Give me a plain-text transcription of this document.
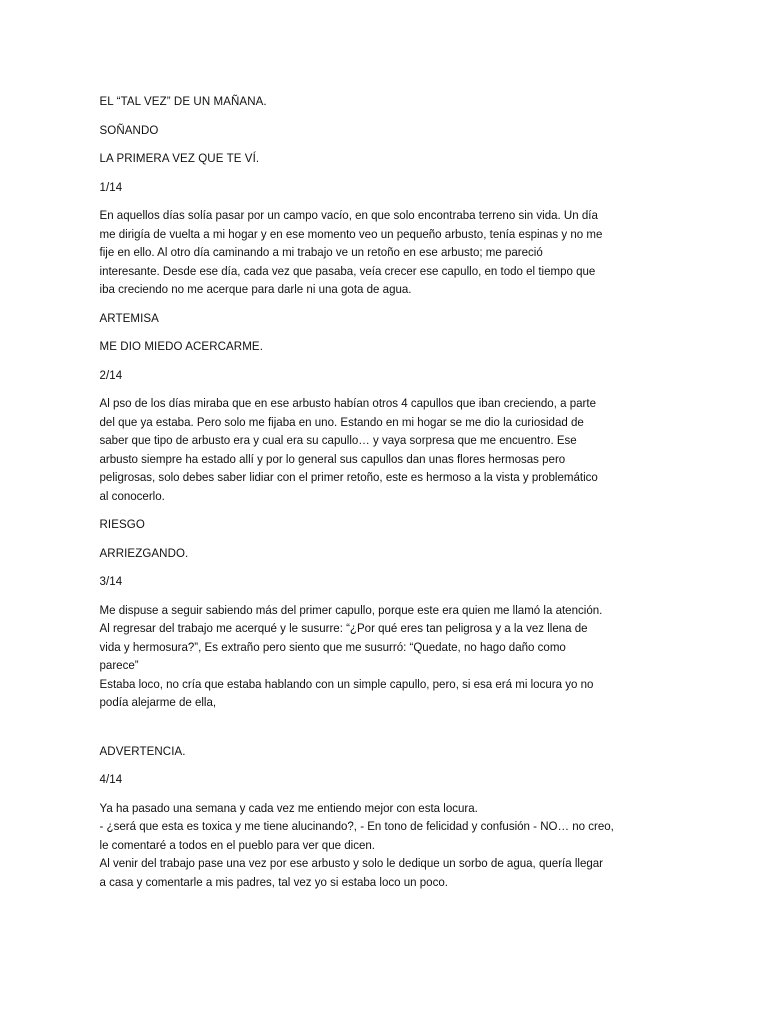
EL “TAL VEZ” DE UN MAÑANA.

SOÑANDO

LA PRIMERA VEZ QUE TE VÍ.

1/14

En aquellos días solía pasar por un campo vacío, en que solo encontraba terreno sin vida. Un día
me dirigía de vuelta a mi hogar y en ese momento veo un pequeño arbusto, tenía espinas y no me
fije en ello. Al otro día caminando a mi trabajo ve un retoño en ese arbusto; me pareció
interesante. Desde ese día, cada vez que pasaba, veía crecer ese capullo, en todo el tiempo que
iba creciendo no me acerque para darle ni una gota de agua.

ARTEMISA

ME DIO MIEDO ACERCARME.

2/14

Al pso de los días miraba que en ese arbusto habían otros 4 capullos que iban creciendo, a parte
del que ya estaba. Pero solo me fijaba en uno. Estando en mi hogar se me dio la curiosidad de
saber que tipo de arbusto era y cual era su capullo… y vaya sorpresa que me encuentro. Ese
arbusto siempre ha estado allí y por lo general sus capullos dan unas flores hermosas pero
peligrosas, solo debes saber lidiar con el primer retoño, este es hermoso a la vista y problemático
al conocerlo.

RIESGO

ARRIEZGANDO.

3/14

Me dispuse a seguir sabiendo más del primer capullo, porque este era quien me llamó la atención.
Al regresar del trabajo me acerqué y le susurre: “¿Por qué eres tan peligrosa y a la vez llena de
vida y hermosura?”, Es extraño pero siento que me susurró: “Quedate, no hago daño como
parece”
Estaba loco, no cría que estaba hablando con un simple capullo, pero, si esa erá mi locura yo no
podía alejarme de ella,

ADVERTENCIA.

4/14

Ya ha pasado una semana y cada vez me entiendo mejor con esta locura.
- ¿será que esta es toxica y me tiene alucinando?, - En tono de felicidad y confusión - NO… no creo,
le comentaré a todos en el pueblo para ver que dicen.
Al venir del trabajo pase una vez por ese arbusto y solo le dedique un sorbo de agua, quería llegar
a casa y comentarle a mis padres, tal vez yo si estaba loco un poco.
